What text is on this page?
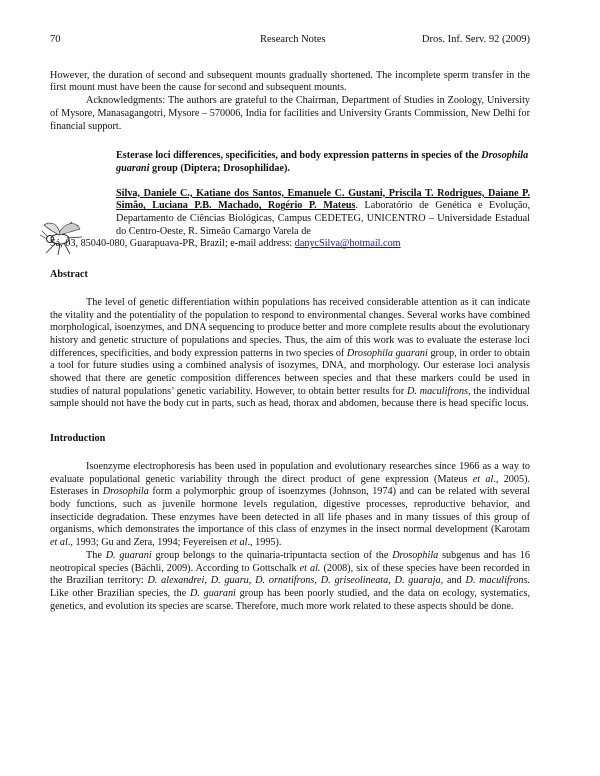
70	Research Notes	Dros. Inf. Serv. 92 (2009)

However, the duration of second and subsequent mounts gradually shortened. The incomplete sperm transfer in the first mount must have been the cause for second and subsequent mounts.

Acknowledgments: The authors are grateful to the Chairman, Department of Studies in Zoology, University of Mysore, Manasagangotri, Mysore – 570006, India for facilities and University Grants Commission, New Delhi for financial support.

Esterase loci differences, specificities, and body expression patterns in species of the Drosophila guarani group (Diptera; Drosophilidae).
Silva, Daniele C., Katiane dos Santos, Emanuele C. Gustani, Priscila T. Rodrigues, Daiane P. Simão, Luciana P.B. Machado, Rogério P. Mateus. Laboratório de Genética e Evolução, Departamento de Ciências Biológicas, Campus CEDETEG, UNICENTRO – Universidade Estadual do Centro-Oeste, R. Simeão Camargo Varela de

Sá, 03, 85040-080, Guarapuava-PR, Brazil; e-mail address: danycSilva@hotmail.com

Abstract

The level of genetic differentiation within populations has received considerable attention as it can indicate the vitality and the potentiality of the population to respond to environmental changes. Several works have combined morphological, isoenzymes, and DNA sequencing to produce better and more complete results about the evolutionary history and genetic structure of populations and species. Thus, the aim of this work was to evaluate the esterase loci differences, specificities, and body expression patterns in two species of Drosophila guarani group, in order to obtain a tool for future studies using a combined analysis of isozymes, DNA, and morphology. Our esterase loci analysis showed that there are genetic composition differences between species and that these markers could be used in studies of natural populations’ genetic variability. However, to obtain better results for D. maculifrons, the individual sample should not have the body cut in parts, such as head, thorax and abdomen, because there is head specific locus.

Introduction

Isoenzyme electrophoresis has been used in population and evolutionary researches since 1966 as a way to evaluate populational genetic variability through the direct product of gene expression (Mateus et al., 2005). Esterases in Drosophila form a polymorphic group of isoenzymes (Johnson, 1974) and can be related with several body functions, such as juvenile hormone levels regulation, digestive processes, reproductive behavior, and insecticide degradation. These enzymes have been detected in all life phases and in many tissues of this group of organisms, which demonstrates the importance of this class of enzymes in the insect normal development (Karotam et al., 1993; Gu and Zera, 1994; Feyereisen et al., 1995).

The D. guarani group belongs to the quinaria-tripuntacta section of the Drosophila subgenus and has 16 neotropical species (Bächli, 2009). According to Gottschalk et al. (2008), six of these species have been recorded in the Brazilian territory: D. alexandrei, D. guaru, D. ornatifrons, D. griseolineata, D. guaraja, and D. maculifrons. Like other Brazilian species, the D. guarani group has been poorly studied, and the data on ecology, systematics, genetics, and evolution its species are scarse. Therefore, much more work related to these aspects should be done.
